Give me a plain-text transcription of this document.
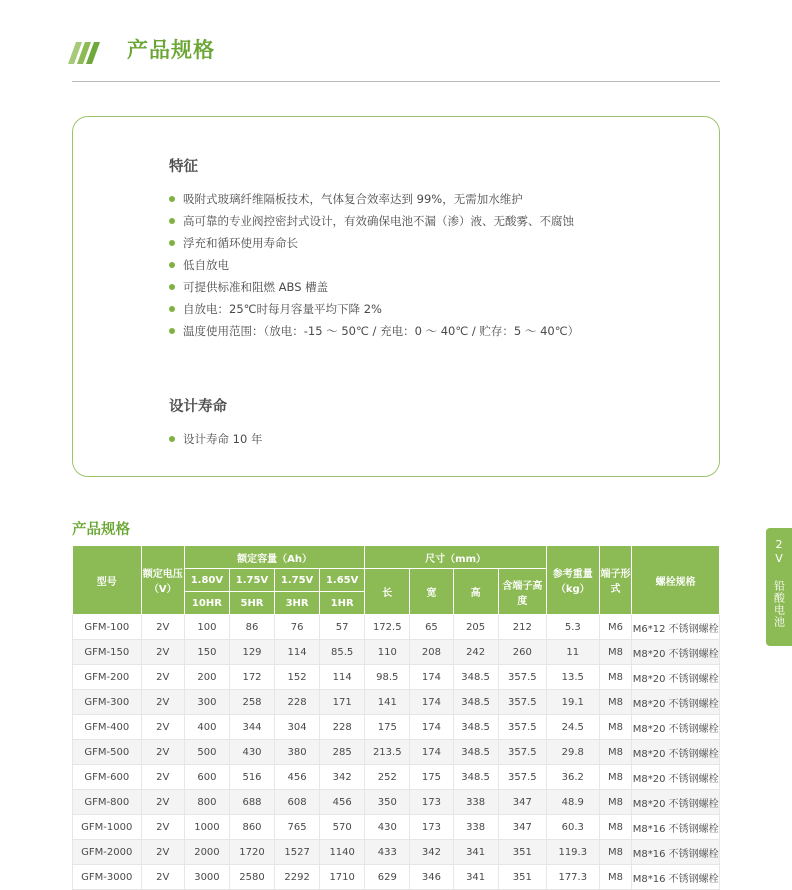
产品规格
特征
吸附式玻璃纤维隔板技术，气体复合效率达到 99%，无需加水维护
高可靠的专业阀控密封式设计，有效确保电池不漏（渗）液、无酸雾、不腐蚀
浮充和循环使用寿命长
低自放电
可提供标准和阻燃 ABS 槽盖
自放电：25℃时每月容量平均下降 2%
温度使用范围：（放电：-15 ～ 50℃ / 充电：0 ～ 40℃ / 贮存：5 ～ 40℃）
设计寿命
设计寿命 10 年
产品规格
型号	额定电压（V）	额定容量（Ah）				尺寸（mm）				参考重量（kg）	端子形式	螺栓规格
		1.80V	1.75V	1.75V	1.65V	长	宽	高	含端子高度			
		10HR	5HR	3HR	1HR							
GFM-100	2V	100	86	76	57	172.5	65	205	212	5.3	M6	M6*12 不锈钢螺栓
GFM-150	2V	150	129	114	85.5	110	208	242	260	11	M8	M8*20 不锈钢螺栓
GFM-200	2V	200	172	152	114	98.5	174	348.5	357.5	13.5	M8	M8*20 不锈钢螺栓
GFM-300	2V	300	258	228	171	141	174	348.5	357.5	19.1	M8	M8*20 不锈钢螺栓
GFM-400	2V	400	344	304	228	175	174	348.5	357.5	24.5	M8	M8*20 不锈钢螺栓
GFM-500	2V	500	430	380	285	213.5	174	348.5	357.5	29.8	M8	M8*20 不锈钢螺栓
GFM-600	2V	600	516	456	342	252	175	348.5	357.5	36.2	M8	M8*20 不锈钢螺栓
GFM-800	2V	800	688	608	456	350	173	338	347	48.9	M8	M8*20 不锈钢螺栓
GFM-1000	2V	1000	860	765	570	430	173	338	347	60.3	M8	M8*16 不锈钢螺栓
GFM-2000	2V	2000	1720	1527	1140	433	342	341	351	119.3	M8	M8*16 不锈钢螺栓
GFM-3000	2V	3000	2580	2292	1710	629	346	341	351	177.3	M8	M8*16 不锈钢螺栓
2V 铅酸电池
